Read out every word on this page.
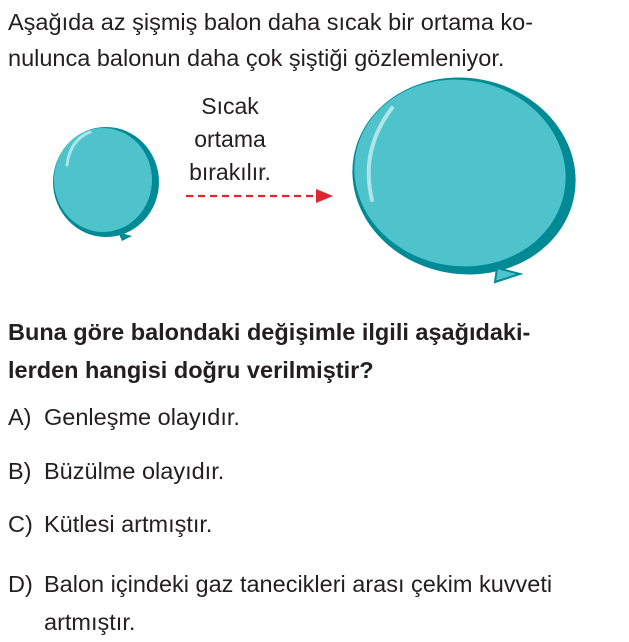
Aşağıda az şişmiş balon daha sıcak bir ortama ko-
nulunca balonun daha çok şiştiği gözlemleniyor.
Sıcak
ortama
bırakılır.
Buna göre balondaki değişimle ilgili aşağıdaki-
lerden hangisi doğru verilmiştir?
A) Genleşme olayıdır.
B) Büzülme olayıdır.
C) Kütlesi artmıştır.
D) Balon içindeki gaz tanecikleri arası çekim kuvveti
artmıştır.
